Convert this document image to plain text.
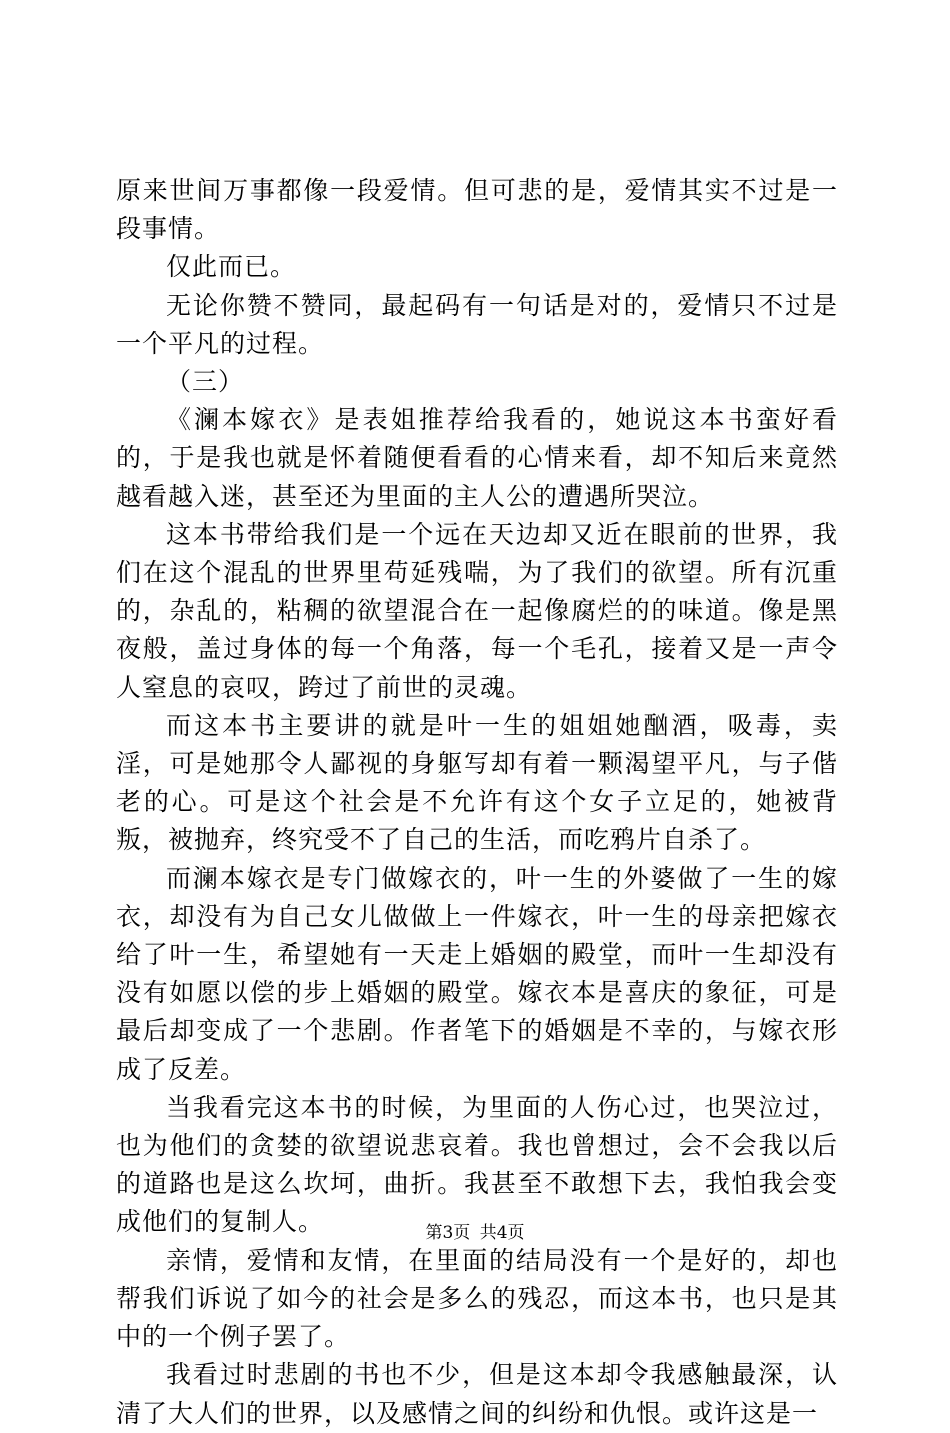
原来世间万事都像一段爱情。但可悲的是，爱情其实不过是一段事情。

仅此而已。

无论你赞不赞同，最起码有一句话是对的，爱情只不过是一个平凡的过程。

（三）

《澜本嫁衣》是表姐推荐给我看的，她说这本书蛮好看的，于是我也就是怀着随便看看的心情来看，却不知后来竟然越看越入迷，甚至还为里面的主人公的遭遇所哭泣。

这本书带给我们是一个远在天边却又近在眼前的世界，我们在这个混乱的世界里苟延残喘，为了我们的欲望。所有沉重的，杂乱的，粘稠的欲望混合在一起像腐烂的的味道。像是黑夜般，盖过身体的每一个角落，每一个毛孔，接着又是一声令人窒息的哀叹，跨过了前世的灵魂。

而这本书主要讲的就是叶一生的姐姐她酗酒，吸毒，卖淫，可是她那令人鄙视的身躯写却有着一颗渴望平凡，与子偕老的心。可是这个社会是不允许有这个女子立足的，她被背叛，被抛弃，终究受不了自己的生活，而吃鸦片自杀了。

而澜本嫁衣是专门做嫁衣的，叶一生的外婆做了一生的嫁衣，却没有为自己女儿做做上一件嫁衣，叶一生的母亲把嫁衣给了叶一生，希望她有一天走上婚姻的殿堂，而叶一生却没有没有如愿以偿的步上婚姻的殿堂。嫁衣本是喜庆的象征，可是最后却变成了一个悲剧。作者笔下的婚姻是不幸的，与嫁衣形成了反差。

当我看完这本书的时候，为里面的人伤心过，也哭泣过，也为他们的贪婪的欲望说悲哀着。我也曾想过，会不会我以后的道路也是这么坎坷，曲折。我甚至不敢想下去，我怕我会变成他们的复制人。

亲情，爱情和友情，在里面的结局没有一个是好的，却也帮我们诉说了如今的社会是多么的残忍，而这本书，也只是其中的一个例子罢了。

我看过时悲剧的书也不少，但是这本却令我感触最深，认清了大人们的世界，以及感情之间的纠纷和仇恨。或许这是一

第3页 共4页
